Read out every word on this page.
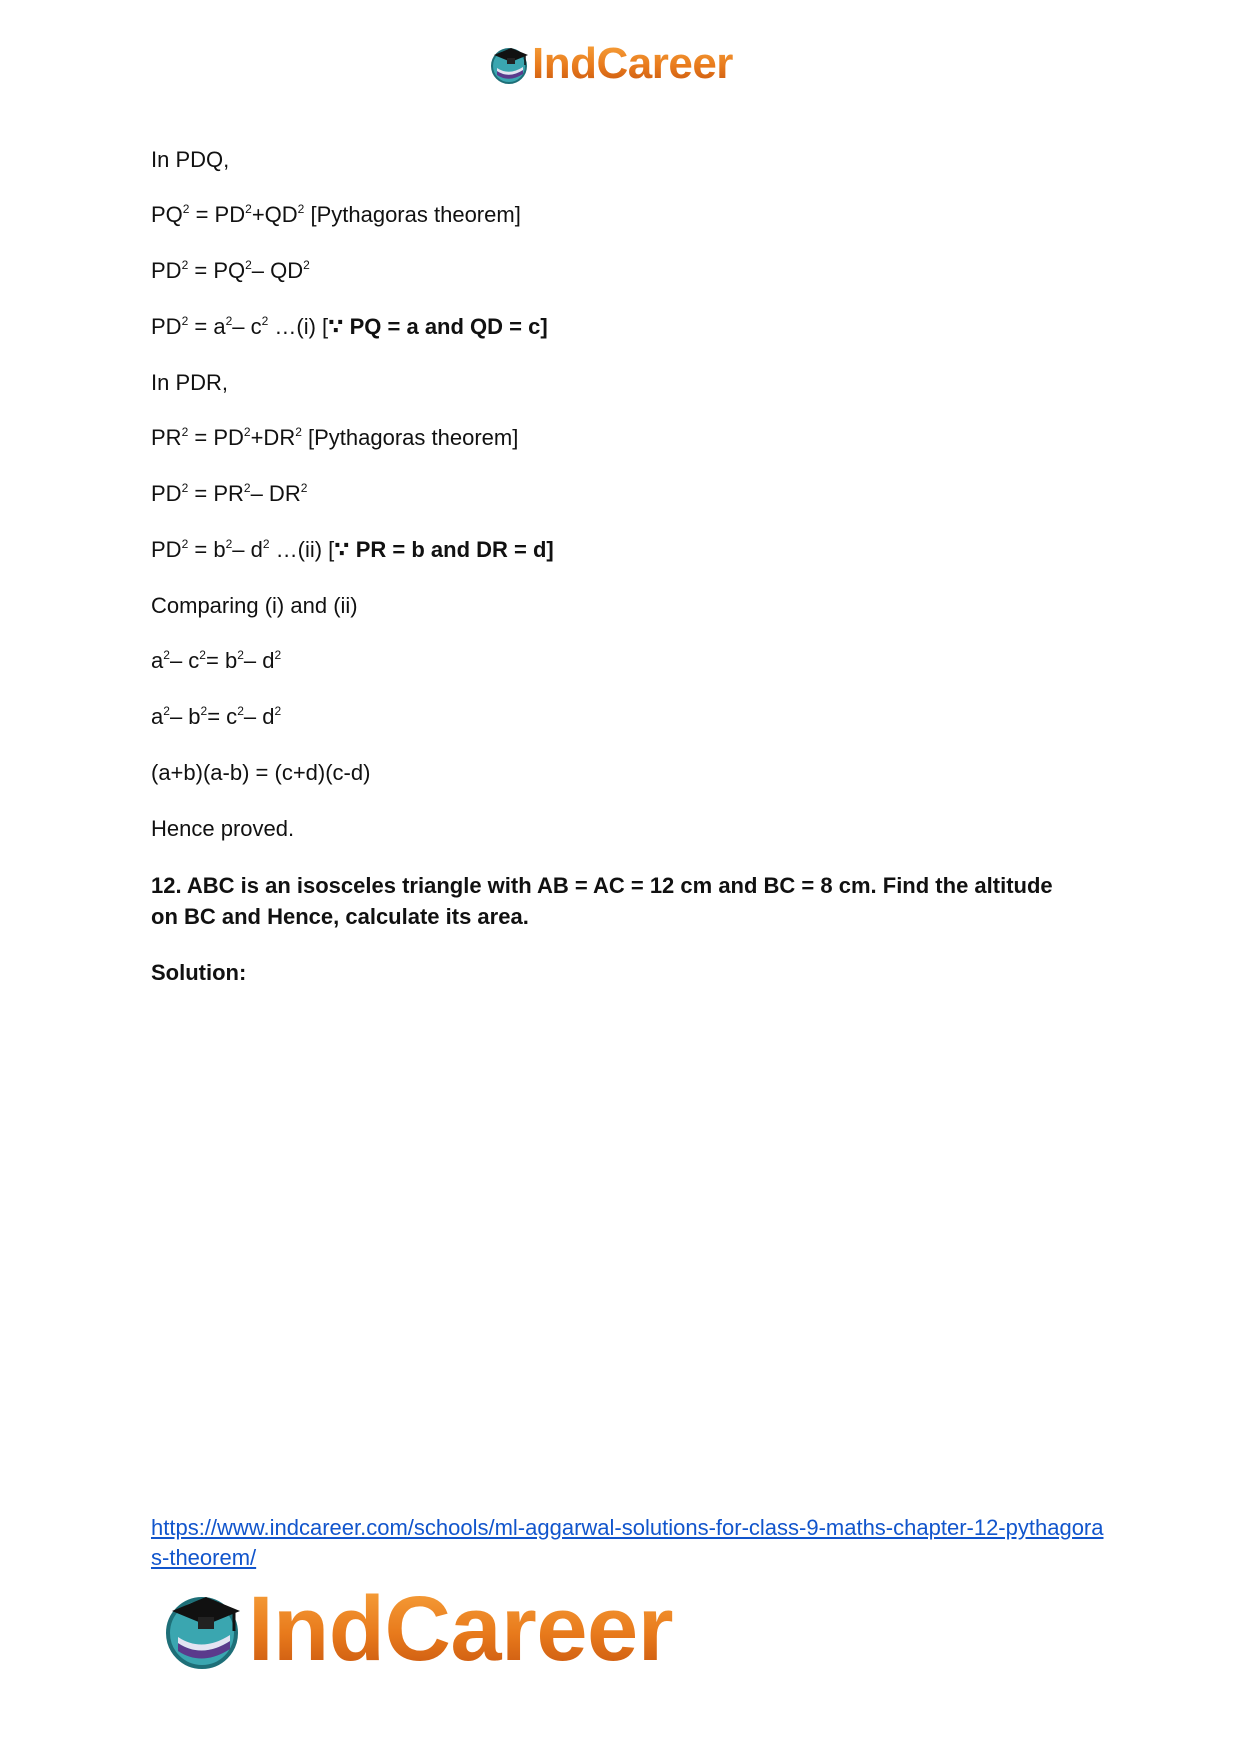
IndCareer
In PDQ,
$PQ^2 = PD^2+QD^2$ [Pythagoras theorem]
$PD^2 = PQ^2-$ $QD^2$
$PD^2 = a^2-$ $c^2$ …(i) [∵ PQ = a and QD = c]
In PDR,
$PR^2 = PD^2+DR^2$ [Pythagoras theorem]
$PD^2 = PR^2-$ $DR^2$
$PD^2 = b^2-$ $d^2$ …(ii) [∵ PR = b and DR = d]
Comparing (i) and (ii)
$a^2-$ $c^2= b^2-$ $d^2$
$a^2-$ $b^2= c^2-$ $d^2$
(a+b)(a-b) = (c+d)(c-d)
Hence proved.
12. ABC is an isosceles triangle with AB = AC = 12 cm and BC = 8 cm. Find the altitude on BC and Hence, calculate its area.
Solution:
https://www.indcareer.com/schools/ml-aggarwal-solutions-for-class-9-maths-chapter-12-pythagoras-theorem/
IndCareer
